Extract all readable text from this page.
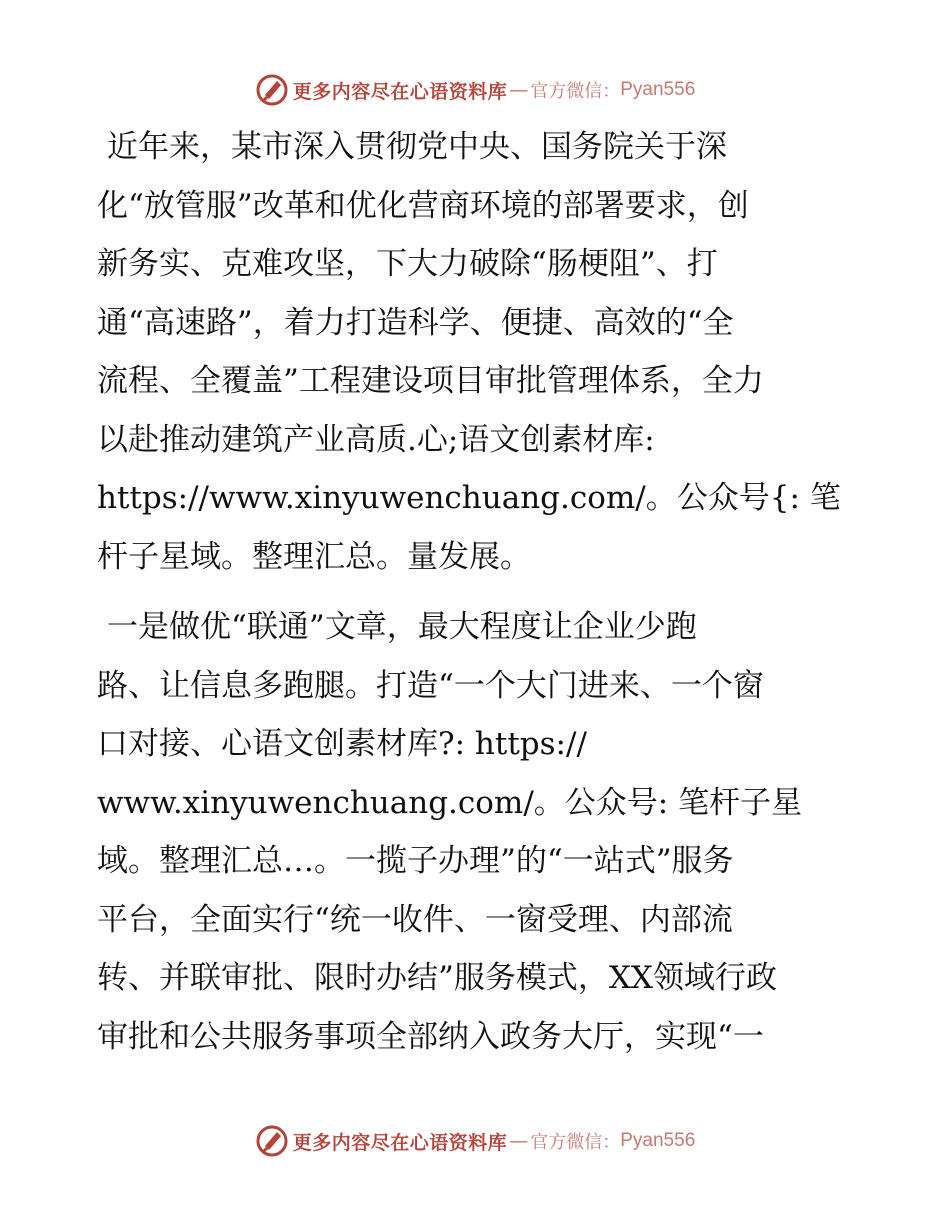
更多内容尽在心语资料库 — 官方微信： Pyan556
近年来，某市深入贯彻党中央、国务院关于深
化“放管服”改革和优化营商环境的部署要求，创
新务实、克难攻坚，下大力破除“肠梗阻”、打
通“高速路”，着力打造科学、便捷、高效的“全
流程、全覆盖”工程建设项目审批管理体系，全力
以赴推动建筑产业高质.心;语文创素材库:
https://www.xinyuwenchuang.com/。公众号{: 笔
杆子星域。整理汇总。量发展。
一是做优“联通”文章，最大程度让企业少跑
路、让信息多跑腿。打造“一个大门进来、一个窗
口对接、心语文创素材库?: https://
www.xinyuwenchuang.com/。公众号: 笔杆子星
域。整理汇总…。一揽子办理”的“一站式”服务
平台，全面实行“统一收件、一窗受理、内部流
转、并联审批、限时办结”服务模式，XX领域行政
审批和公共服务事项全部纳入政务大厅，实现“一
更多内容尽在心语资料库 — 官方微信： Pyan556
